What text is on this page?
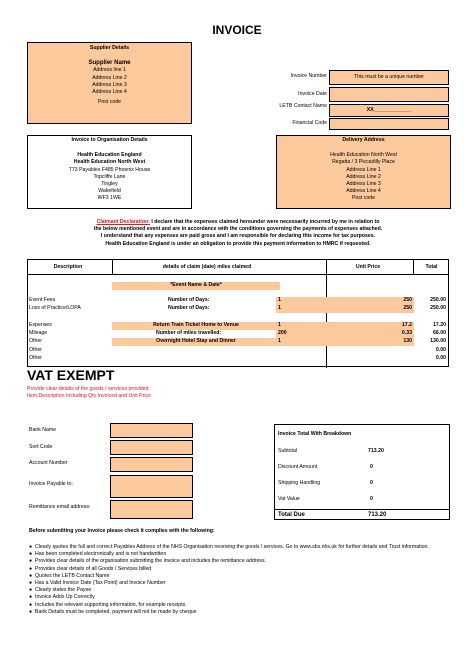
INVOICE
Supplier Details
Supplier Name
Address line 1
Address Line 2
Address Line 3
Address Line 4
Post code
Invoice Number	This must be a unique number
Invoice Date
LETB Contact Name
XX_____________
Financial Code
Invoice to Organisation Details
Health Education England
Health Education North West
T73 Payables F485 Phoenix House
Topcliffe Lane
Tingley
Wakefield
WF3 1WE
Delivery Address
Health Education North West
Regatta / 3 Piccadilly Place
Address Line 1
Address Line 2
Address Line 3
Address Line 4
Post code
Claimant Declaration: I declare that the expenses claimed hereunder were necessarily incurred by me in relation to
the below mentioned event and are in accordance with the conditions governing the payments of expenses attached.
I understand that any expenses are paid gross and I am responsible for declaring this income for tax purposes.
Health Education England is under an obligation to provide this payment information to HMRC if requested.
Description	details of claim (date) miles claimed	Unit Price	Total
*Event Name & Date*
Event Fees	Number of Days:	1	250	250.00
Loss of Practice/LOPA	Number of Days:	1	250	250.00
Expenses	Return Train Ticket Home to Venue	1	17.2	17.20
Mileage	Number of miles travelled:	200	0.33	66.00
Other	Overnight Hotel Stay and Dinner	1	130	130.00
Other	0.00
Other	0.00
VAT EXEMPT
Provide clear details of the goods / services provided
Item Description Including Qty Invoiced and Unit Price
Bank Name
Sort Code
Account Number
Invoice Payable to:
Remittance email address:
Invoice Total With Breakdown
Subtotal	713.20
Discount Amount	0
Shipping Handling	0
Vat Value	0
Total Due	713.20
Before submitting your Invoice please check it complies with the following:
● Clearly quotes the full and correct Payables Address of the NHS Organisation receiving the goods / services. Go to www.sbs.nhs.uk for further details and Trust information.
● Has been completed electronically and is not handwritten
● Provides clear details of the organisation submitting the invoice and includes the remittance address.
● Provides clear details of all Goods / Services billed
● Quotes the LETB Contact Name
● Has a Valid Invoice Date (Tax Point) and Invoice Number
● Clearly states the Payee
● Invoice Adds Up Correctly
● Includes the relevant supporting information, for example receipts.
● Bank Details must be completed, payment will not be made by cheque
